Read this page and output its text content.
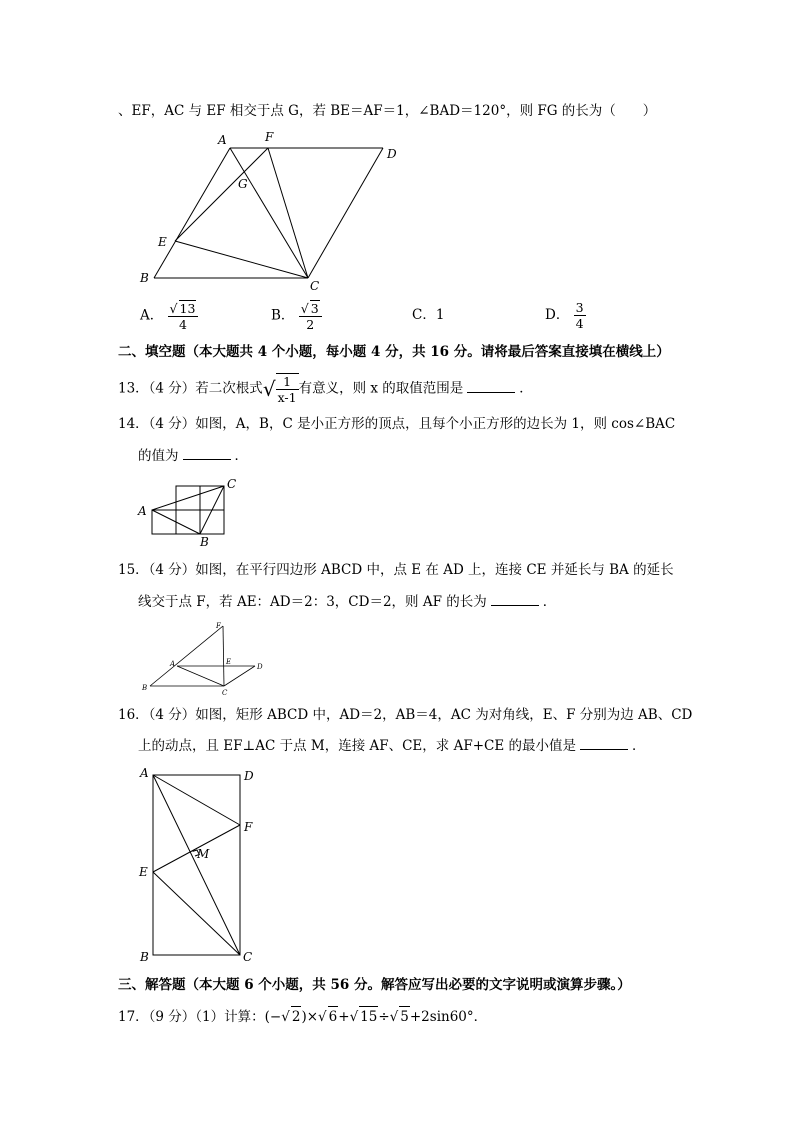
、EF，AC 与 EF 相交于点 G，若 BE＝AF＝1，∠BAD＝120°，则 FG 的长为（　　）
A	F
D
G
E
B
C
A． $\frac{√ 13}{4}$	B． $\frac{√ 3}{2}$	C．1	D． $\frac{3}{4}$
二、填空题（本大题共 4 个小题，每小题 4 分，共 16 分。请将最后答案直接填在横线上）
13．（4 分）若二次根式√ $\frac{1}{x-1}$ 有意义，则 x 的取值范围是	．
14．（4 分）如图，A，B，C 是小正方形的顶点，且每个小正方形的边长为 1，则 cos∠BAC
的值为	．
A
B
C
15．（4 分）如图，在平行四边形 ABCD 中，点 E 在 AD 上，连接 CE 并延长与 BA 的延长
线交于点 F，若 AE：AD＝2：3，CD＝2，则 AF 的长为	．
F
A	E
D
B
C
16．（4 分）如图，矩形 ABCD 中，AD＝2，AB＝4，AC 为对角线，E、F 分别为边 AB、CD
上的动点，且 EF⊥AC 于点 M，连接 AF、CE，求 AF+CE 的最小值是	．
A	D
F
M
E
B	C
三、解答题（本大题 6 个小题，共 56 分。解答应写出必要的文字说明或演算步骤。）
17．（9 分）（1）计算：(−√ 2)×√ 6+√ 15÷√ 5+2sin60°．
